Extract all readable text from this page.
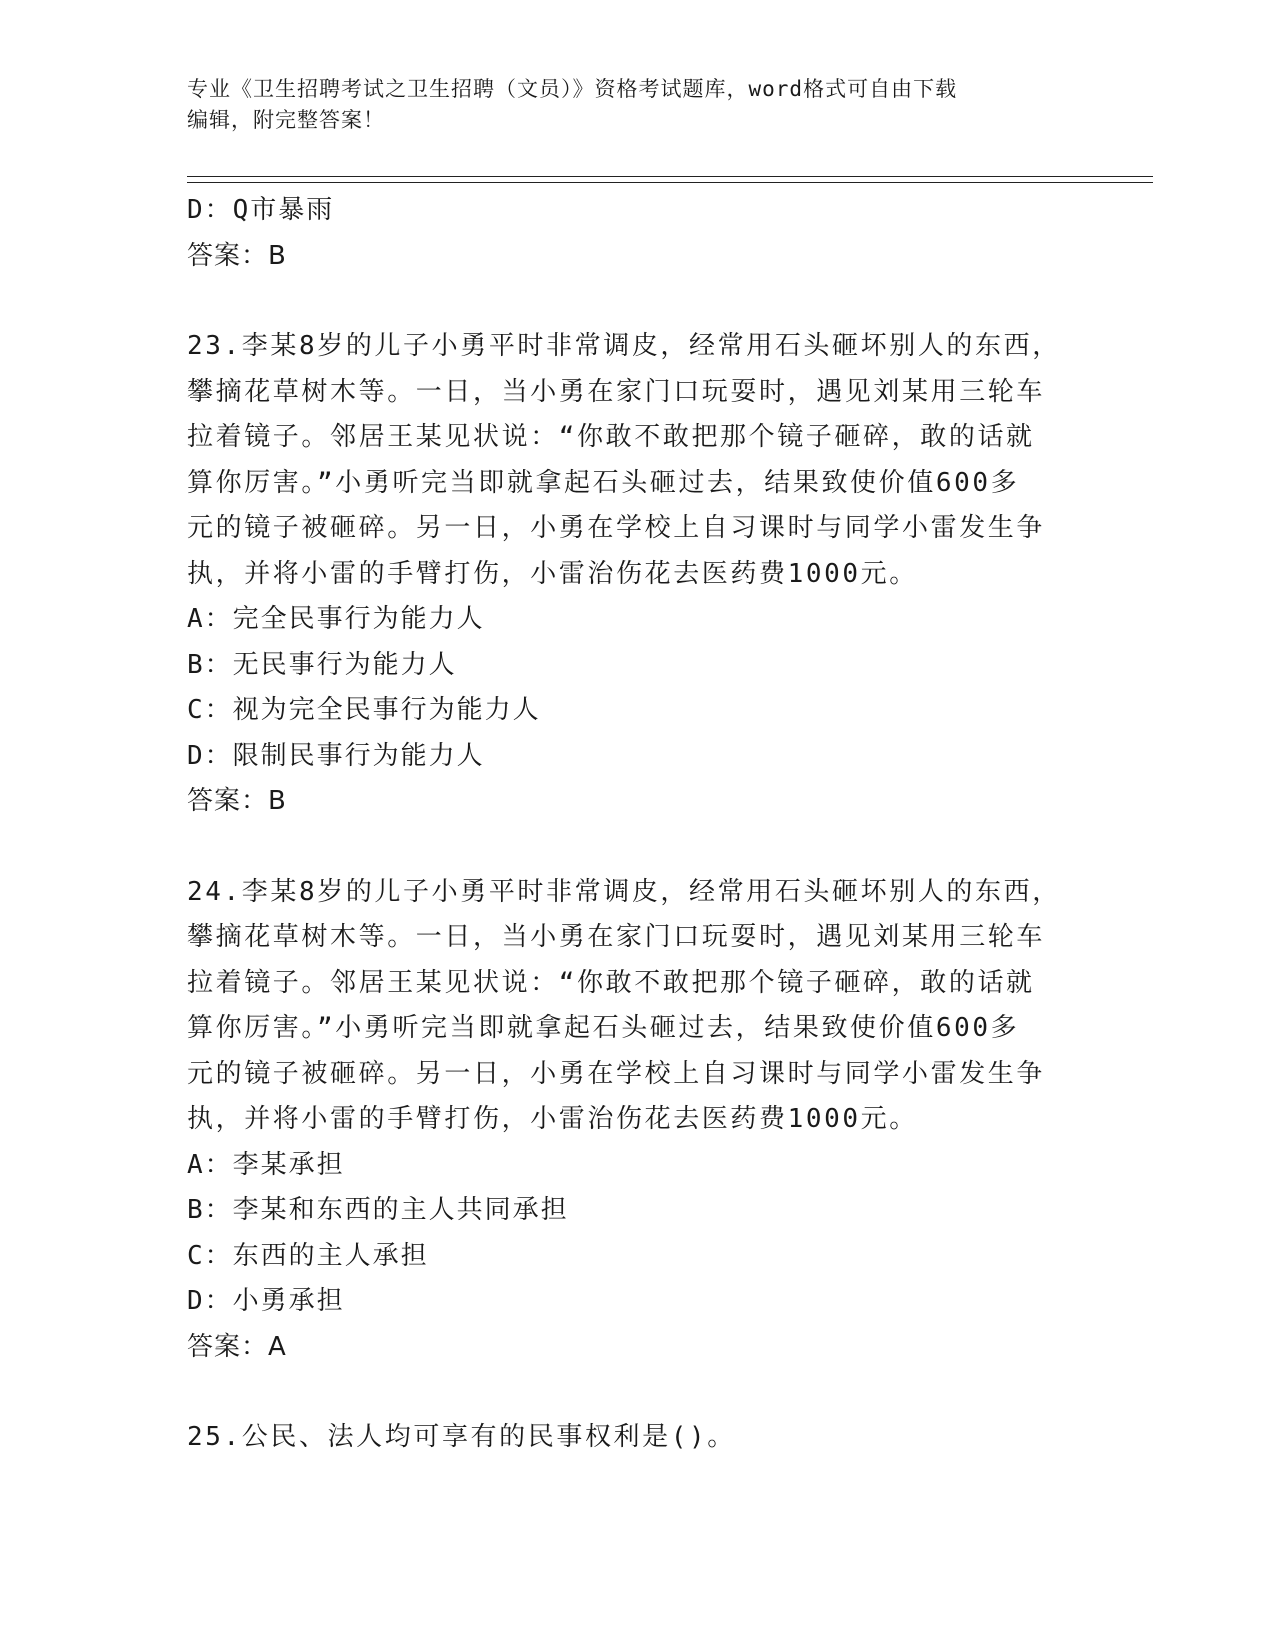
专业《卫生招聘考试之卫生招聘（文员）》资格考试题库，word格式可自由下载
编辑，附完整答案！
D：Q市暴雨
答案：B
23.李某8岁的儿子小勇平时非常调皮，经常用石头砸坏别人的东西，
攀摘花草树木等。一日，当小勇在家门口玩耍时，遇见刘某用三轮车
拉着镜子。邻居王某见状说：“你敢不敢把那个镜子砸碎，敢的话就
算你厉害。”小勇听完当即就拿起石头砸过去，结果致使价值600多
元的镜子被砸碎。另一日，小勇在学校上自习课时与同学小雷发生争
执，并将小雷的手臂打伤，小雷治伤花去医药费1000元。
A：完全民事行为能力人
B：无民事行为能力人
C：视为完全民事行为能力人
D：限制民事行为能力人
答案：B
24.李某8岁的儿子小勇平时非常调皮，经常用石头砸坏别人的东西，
攀摘花草树木等。一日，当小勇在家门口玩耍时，遇见刘某用三轮车
拉着镜子。邻居王某见状说：“你敢不敢把那个镜子砸碎，敢的话就
算你厉害。”小勇听完当即就拿起石头砸过去，结果致使价值600多
元的镜子被砸碎。另一日，小勇在学校上自习课时与同学小雷发生争
执，并将小雷的手臂打伤，小雷治伤花去医药费1000元。
A：李某承担
B：李某和东西的主人共同承担
C：东西的主人承担
D：小勇承担
答案：A
25.公民、法人均可享有的民事权利是()。
